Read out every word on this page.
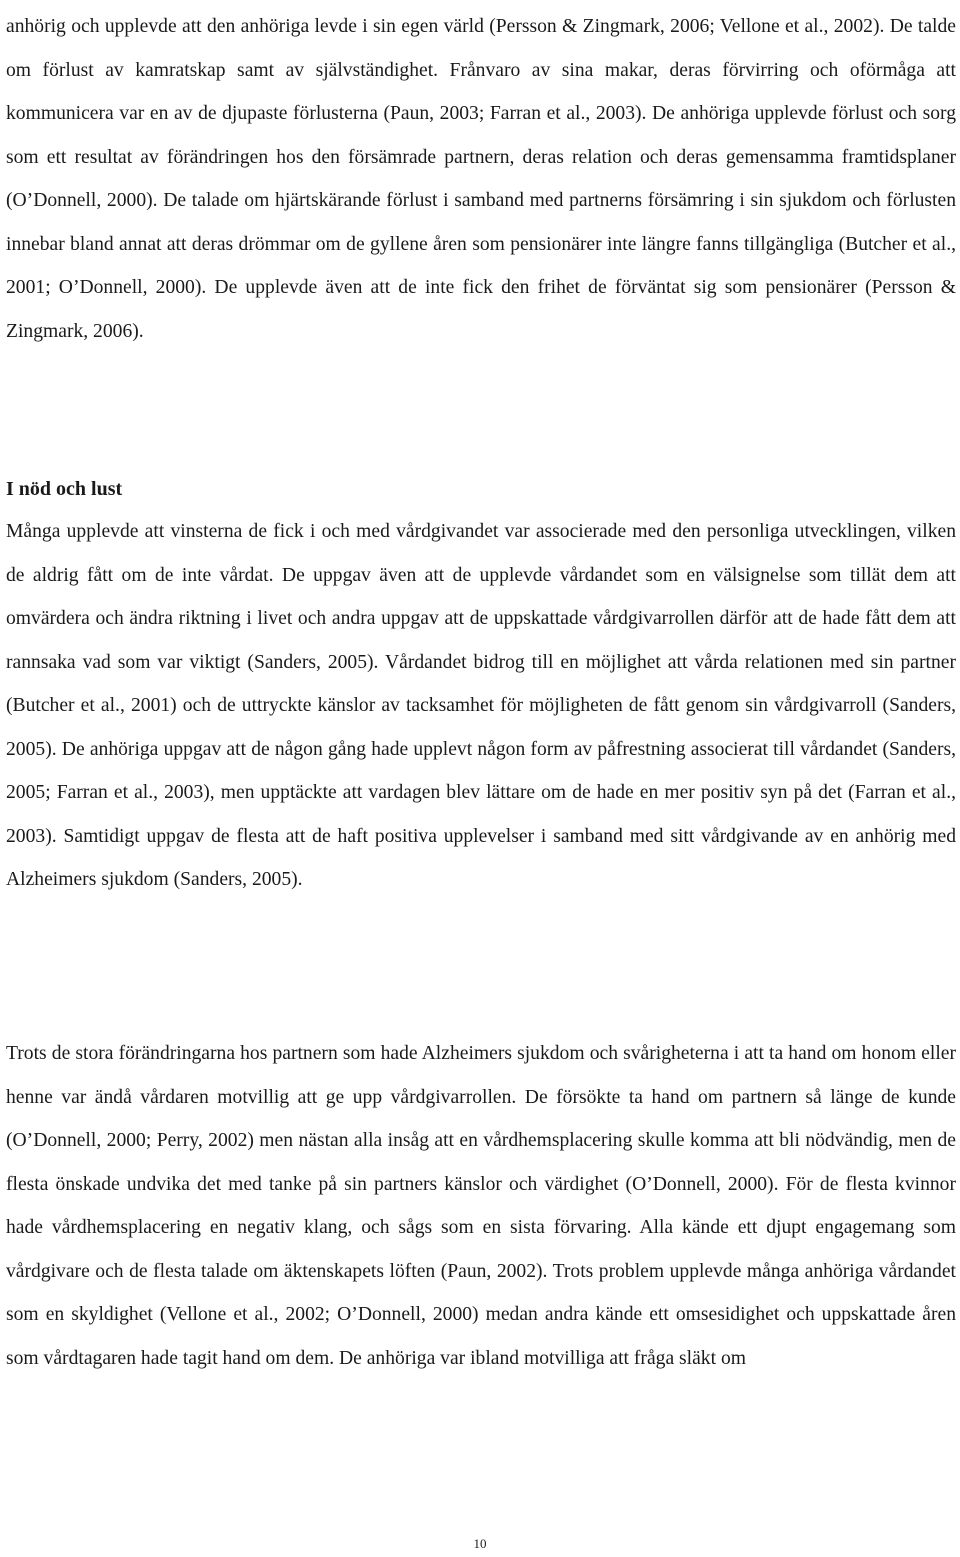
anhörig och upplevde att den anhöriga levde i sin egen värld (Persson & Zingmark, 2006; Vellone et al., 2002). De talde om förlust av kamratskap samt av självständighet. Frånvaro av sina makar, deras förvirring och oförmåga att kommunicera var en av de djupaste förlusterna (Paun, 2003; Farran et al., 2003). De anhöriga upplevde förlust och sorg som ett resultat av förändringen hos den försämrade partnern, deras relation och deras gemensamma framtidsplaner (O’Donnell, 2000). De talade om hjärtskärande förlust i samband med partnerns försämring i sin sjukdom och förlusten innebar bland annat att deras drömmar om de gyllene åren som pensionärer inte längre fanns tillgängliga (Butcher et al., 2001; O’Donnell, 2000). De upplevde även att de inte fick den frihet de förväntat sig som pensionärer (Persson & Zingmark, 2006).

I nöd och lust

Många upplevde att vinsterna de fick i och med vårdgivandet var associerade med den personliga utvecklingen, vilken de aldrig fått om de inte vårdat. De uppgav även att de upplevde vårdandet som en välsignelse som tillät dem att omvärdera och ändra riktning i livet och andra uppgav att de uppskattade vårdgivarrollen därför att de hade fått dem att rannsaka vad som var viktigt (Sanders, 2005). Vårdandet bidrog till en möjlighet att vårda relationen med sin partner (Butcher et al., 2001) och de uttryckte känslor av tacksamhet för möjligheten de fått genom sin vårdgivarroll (Sanders, 2005). De anhöriga uppgav att de någon gång hade upplevt någon form av påfrestning associerat till vårdandet (Sanders, 2005; Farran et al., 2003), men upptäckte att vardagen blev lättare om de hade en mer positiv syn på det (Farran et al., 2003). Samtidigt uppgav de flesta att de haft positiva upplevelser i samband med sitt vårdgivande av en anhörig med Alzheimers sjukdom (Sanders, 2005).

Trots de stora förändringarna hos partnern som hade Alzheimers sjukdom och svårigheterna i att ta hand om honom eller henne var ändå vårdaren motvillig att ge upp vårdgivarrollen. De försökte ta hand om partnern så länge de kunde (O’Donnell, 2000; Perry, 2002) men nästan alla insåg att en vårdhemsplacering skulle komma att bli nödvändig, men de flesta önskade undvika det med tanke på sin partners känslor och värdighet (O’Donnell, 2000). För de flesta kvinnor hade vårdhemsplacering en negativ klang, och sågs som en sista förvaring. Alla kände ett djupt engagemang som vårdgivare och de flesta talade om äktenskapets löften (Paun, 2002). Trots problem upplevde många anhöriga vårdandet som en skyldighet (Vellone et al., 2002; O’Donnell, 2000) medan andra kände ett omsesidighet och uppskattade åren som vårdtagaren hade tagit hand om dem. De anhöriga var ibland motvilliga att fråga släkt om

10
